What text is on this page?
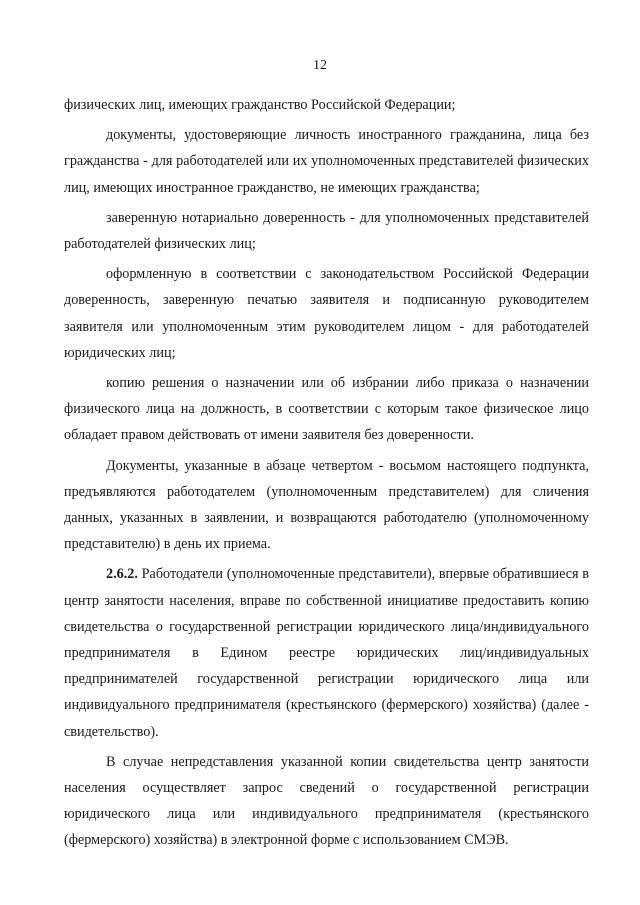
12

физических лиц, имеющих гражданство Российской Федерации;

документы, удостоверяющие личность иностранного гражданина, лица без гражданства - для работодателей или их уполномоченных представителей физических лиц, имеющих иностранное гражданство, не имеющих гражданства;

заверенную нотариально доверенность - для уполномоченных представителей работодателей физических лиц;

оформленную в соответствии с законодательством Российской Федерации доверенность, заверенную печатью заявителя и подписанную руководителем заявителя или уполномоченным этим руководителем лицом - для работодателей юридических лиц;

копию решения о назначении или об избрании либо приказа о назначении физического лица на должность, в соответствии с которым такое физическое лицо обладает правом действовать от имени заявителя без доверенности.

Документы, указанные в абзаце четвертом - восьмом настоящего подпункта, предъявляются работодателем (уполномоченным представителем) для сличения данных, указанных в заявлении, и возвращаются работодателю (уполномоченному представителю) в день их приема.

2.6.2. Работодатели (уполномоченные представители), впервые обратившиеся в центр занятости населения, вправе по собственной инициативе предоставить копию свидетельства о государственной регистрации юридического лица/индивидуального предпринимателя в Едином реестре юридических лиц/индивидуальных предпринимателей государственной регистрации юридического лица или индивидуального предпринимателя (крестьянского (фермерского) хозяйства) (далее - свидетельство).

В случае непредставления указанной копии свидетельства центр занятости населения осуществляет запрос сведений о государственной регистрации юридического лица или индивидуального предпринимателя (крестьянского (фермерского) хозяйства) в электронной форме с использованием СМЭВ.
